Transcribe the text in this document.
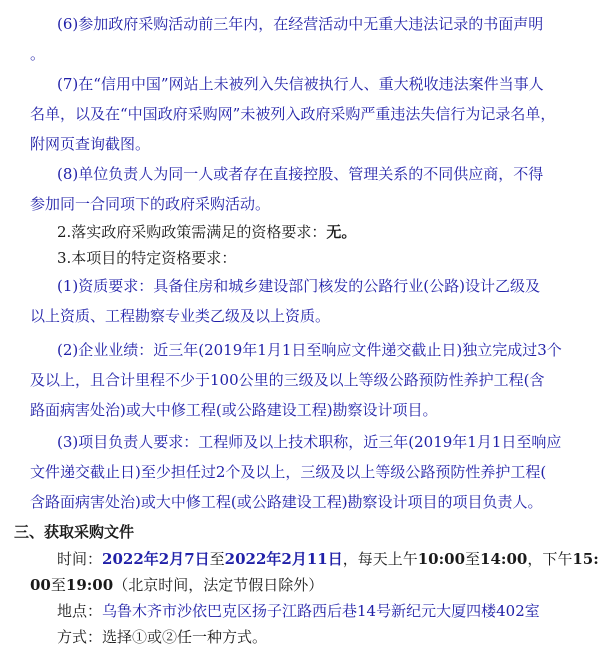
(6)参加政府采购活动前三年内，在经营活动中无重大违法记录的书面声明
。
(7)在“信用中国”网站上未被列入失信被执行人、重大税收违法案件当事人
名单，以及在“中国政府采购网”未被列入政府采购严重违法失信行为记录名单，
附网页查询截图。
(8)单位负责人为同一人或者存在直接控股、管理关系的不同供应商，不得
参加同一合同项下的政府采购活动。
2.落实政府采购政策需满足的资格要求：无。
3.本项目的特定资格要求：
(1)资质要求：具备住房和城乡建设部门核发的公路行业(公路)设计乙级及
以上资质、工程勘察专业类乙级及以上资质。
(2)企业业绩：近三年(2019年1月1日至响应文件递交截止日)独立完成过3个
及以上，且合计里程不少于100公里的三级及以上等级公路预防性养护工程(含
路面病害处治)或大中修工程(或公路建设工程)勘察设计项目。
(3)项目负责人要求：工程师及以上技术职称，近三年(2019年1月1日至响应
文件递交截止日)至少担任过2个及以上，三级及以上等级公路预防性养护工程(
含路面病害处治)或大中修工程(或公路建设工程)勘察设计项目的项目负责人。
三、获取采购文件
时间：2022年2月7日至2022年2月11日，每天上午10:00至14:00，下午15:
00至19:00（北京时间，法定节假日除外）
地点：乌鲁木齐市沙依巴克区扬子江路西后巷14号新纪元大厦四楼402室
方式：选择①或②任一种方式。
